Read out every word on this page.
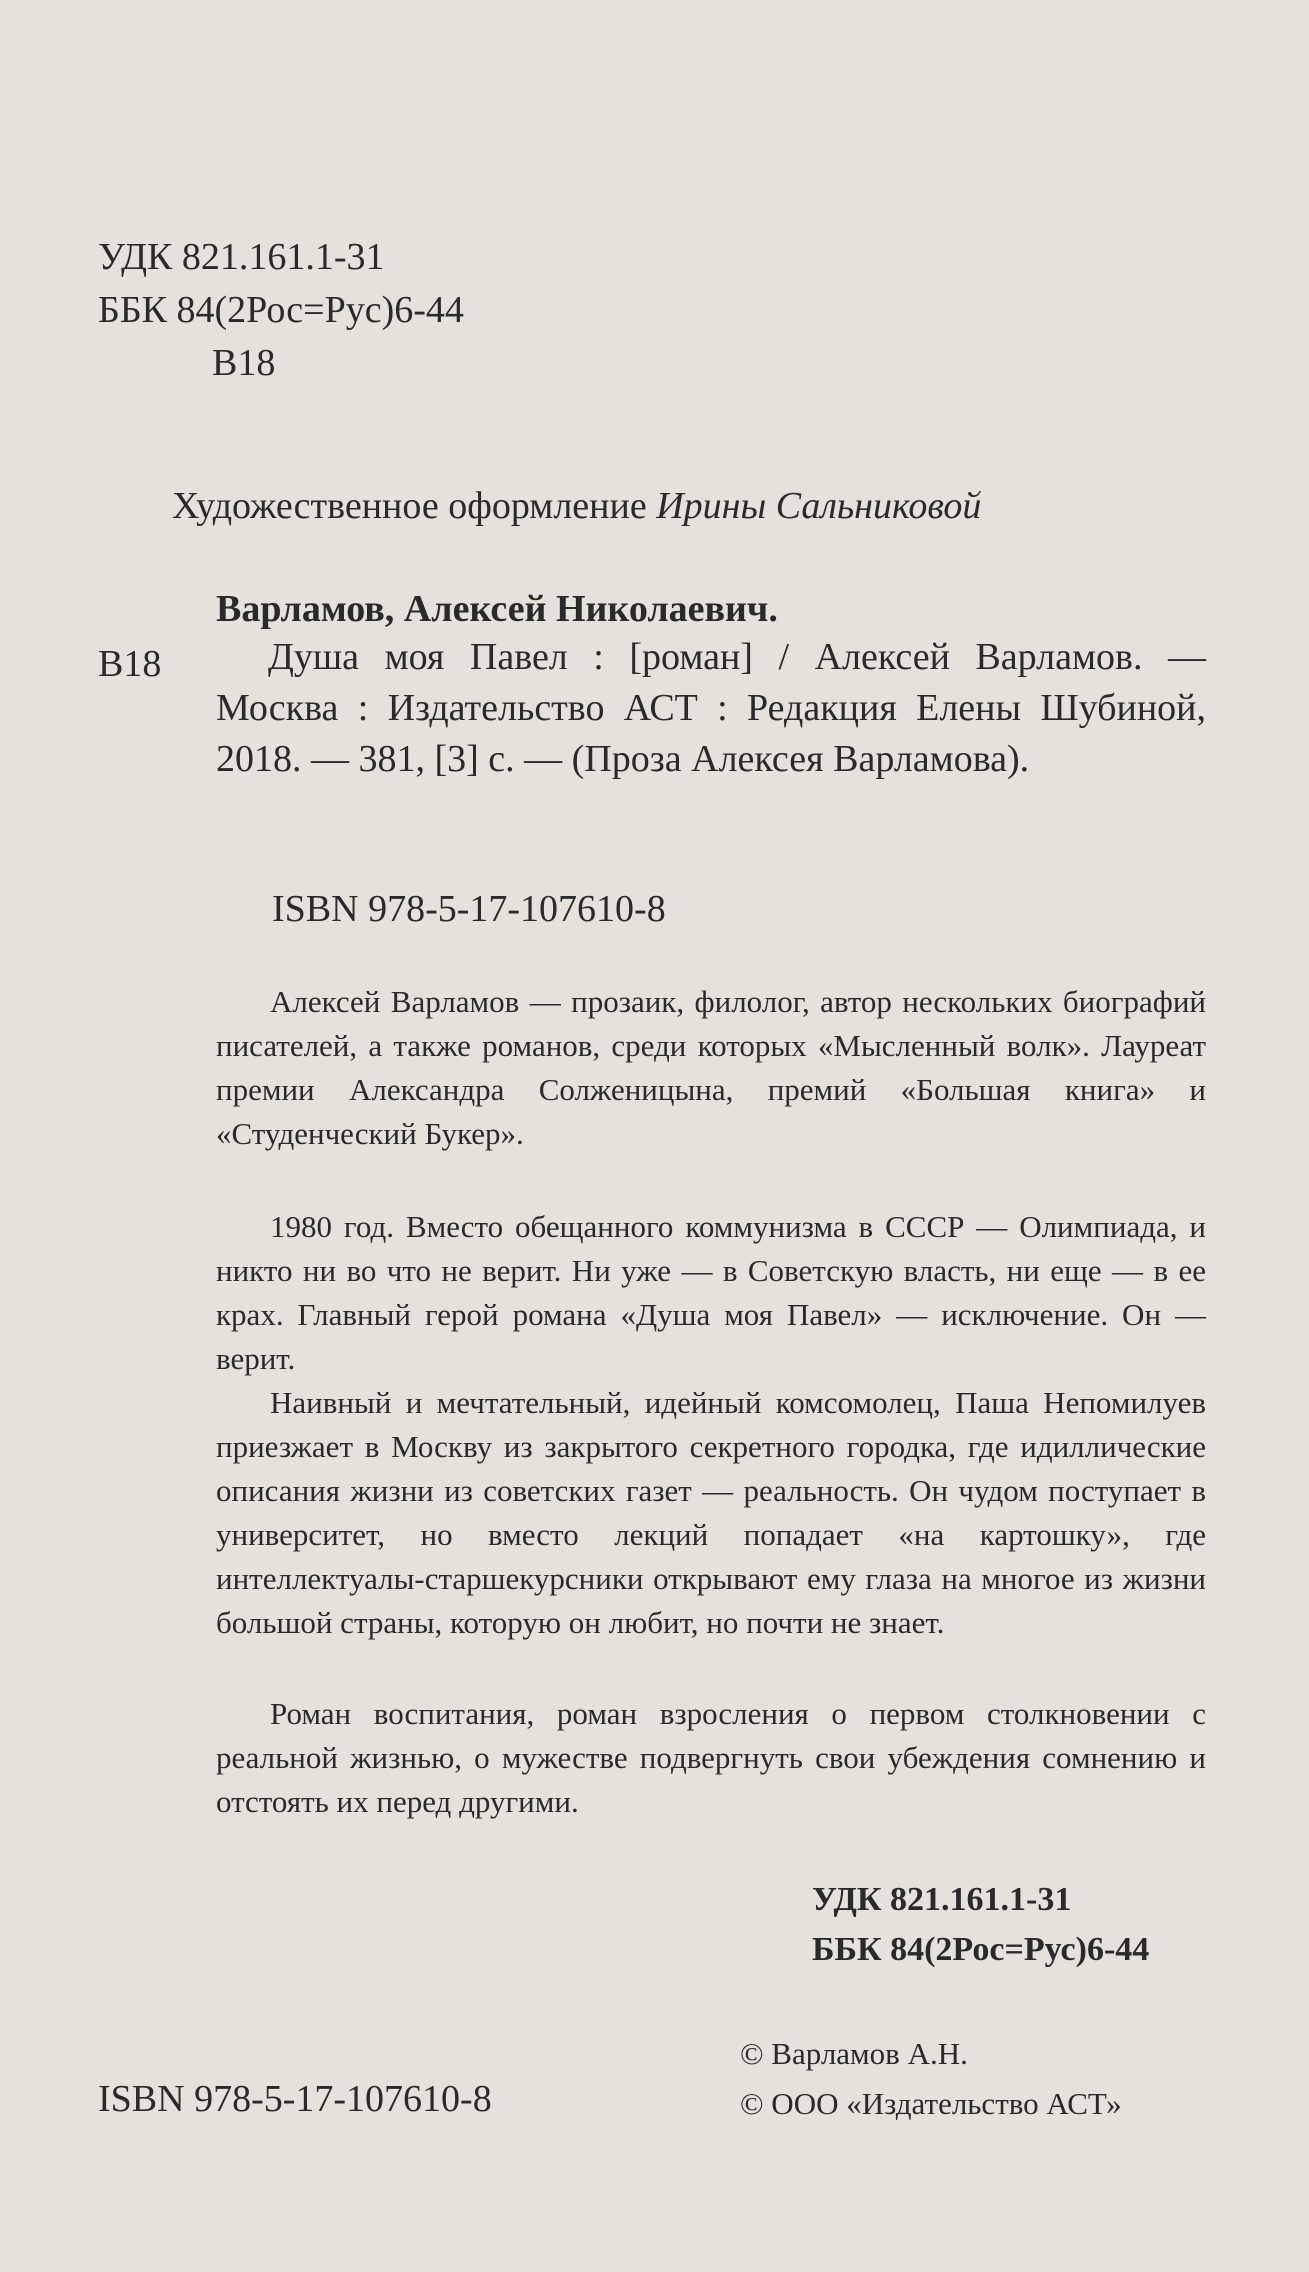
УДК 821.161.1-31
ББК 84(2Рос=Рус)6-44
В18
Художественное оформление Ирины Сальниковой
Варламов, Алексей Николаевич.
В18	Душа моя Павел : [роман] / Алексей Варламов. — Москва : Издательство АСТ : Редакция Елены Шубиной, 2018. — 381, [3] с. — (Проза Алексея Варламова).
ISBN 978-5-17-107610-8
Алексей Варламов — прозаик, филолог, автор нескольких биографий писателей, а также романов, среди которых «Мысленный волк». Лауреат премии Александра Солженицына, премий «Большая книга» и «Студенческий Букер».
1980 год. Вместо обещанного коммунизма в СССР — Олимпиада, и никто ни во что не верит. Ни уже — в Советскую власть, ни еще — в ее крах. Главный герой романа «Душа моя Павел» — исключение. Он — верит.
Наивный и мечтательный, идейный комсомолец, Паша Непомилуев приезжает в Москву из закрытого секретного городка, где идиллические описания жизни из советских газет — реальность. Он чудом поступает в университет, но вместо лекций попадает «на картошку», где интеллектуалы-старшекурсники открывают ему глаза на многое из жизни большой страны, которую он любит, но почти не знает.
Роман воспитания, роман взросления о первом столкновении с реальной жизнью, о мужестве подвергнуть свои убеждения сомнению и отстоять их перед другими.
УДК 821.161.1-31
ББК 84(2Рос=Рус)6-44
ISBN 978-5-17-107610-8
© Варламов А.Н.
© ООО «Издательство АСТ»
